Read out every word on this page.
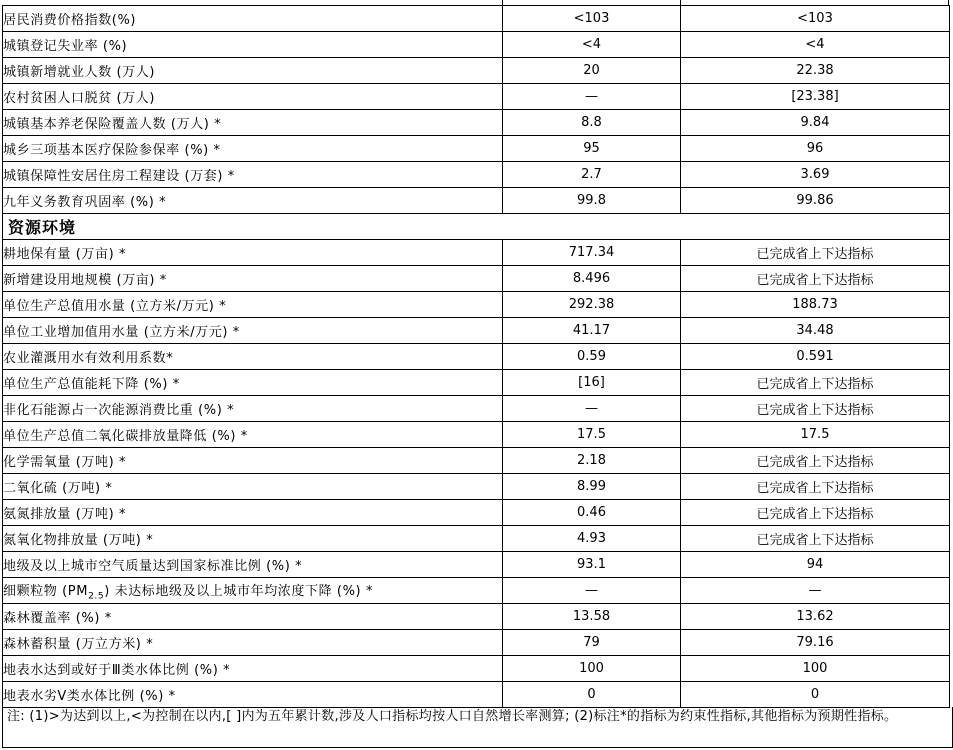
居民消费价格指数(%)	<103	<103
城镇登记失业率 (%)	<4	<4
城镇新增就业人数 (万人)	20	22.38
农村贫困人口脱贫 (万人)	—	[23.38]
城镇基本养老保险覆盖人数 (万人) *	8.8	9.84
城乡三项基本医疗保险参保率 (%) *	95	96
城镇保障性安居住房工程建设 (万套) *	2.7	3.69
九年义务教育巩固率 (%) *	99.8	99.86
资源环境		
耕地保有量 (万亩) *	717.34	已完成省上下达指标
新增建设用地规模 (万亩) *	8.496	已完成省上下达指标
单位生产总值用水量 (立方米/万元) *	292.38	188.73
单位工业增加值用水量 (立方米/万元) *	41.17	34.48
农业灌溉用水有效利用系数*	0.59	0.591
单位生产总值能耗下降 (%) *	[16]	已完成省上下达指标
非化石能源占一次能源消费比重 (%) *	—	已完成省上下达指标
单位生产总值二氧化碳排放量降低 (%) *	17.5	17.5
化学需氧量 (万吨) *	2.18	已完成省上下达指标
二氧化硫 (万吨) *	8.99	已完成省上下达指标
氨氮排放量 (万吨) *	0.46	已完成省上下达指标
氮氧化物排放量 (万吨) *	4.93	已完成省上下达指标
地级及以上城市空气质量达到国家标准比例 (%) *	93.1	94
细颗粒物 $(PM_{2.5})$ 未达标地级及以上城市年均浓度下降 (%) *	—	—
森林覆盖率 (%) *	13.58	13.62
森林蓄积量 (万立方米) *	79	79.16
地表水达到或好于Ⅲ类水体比例 (%) *	100	100
地表水劣Ⅴ类水体比例 (%) *	0	0
注: (1)>为达到以上,<为控制在以内,[ ]内为五年累计数,涉及人口指标均按人口自然增长率测算; (2)标注*的指标为约束性指标,其他指标为预期性指标。
